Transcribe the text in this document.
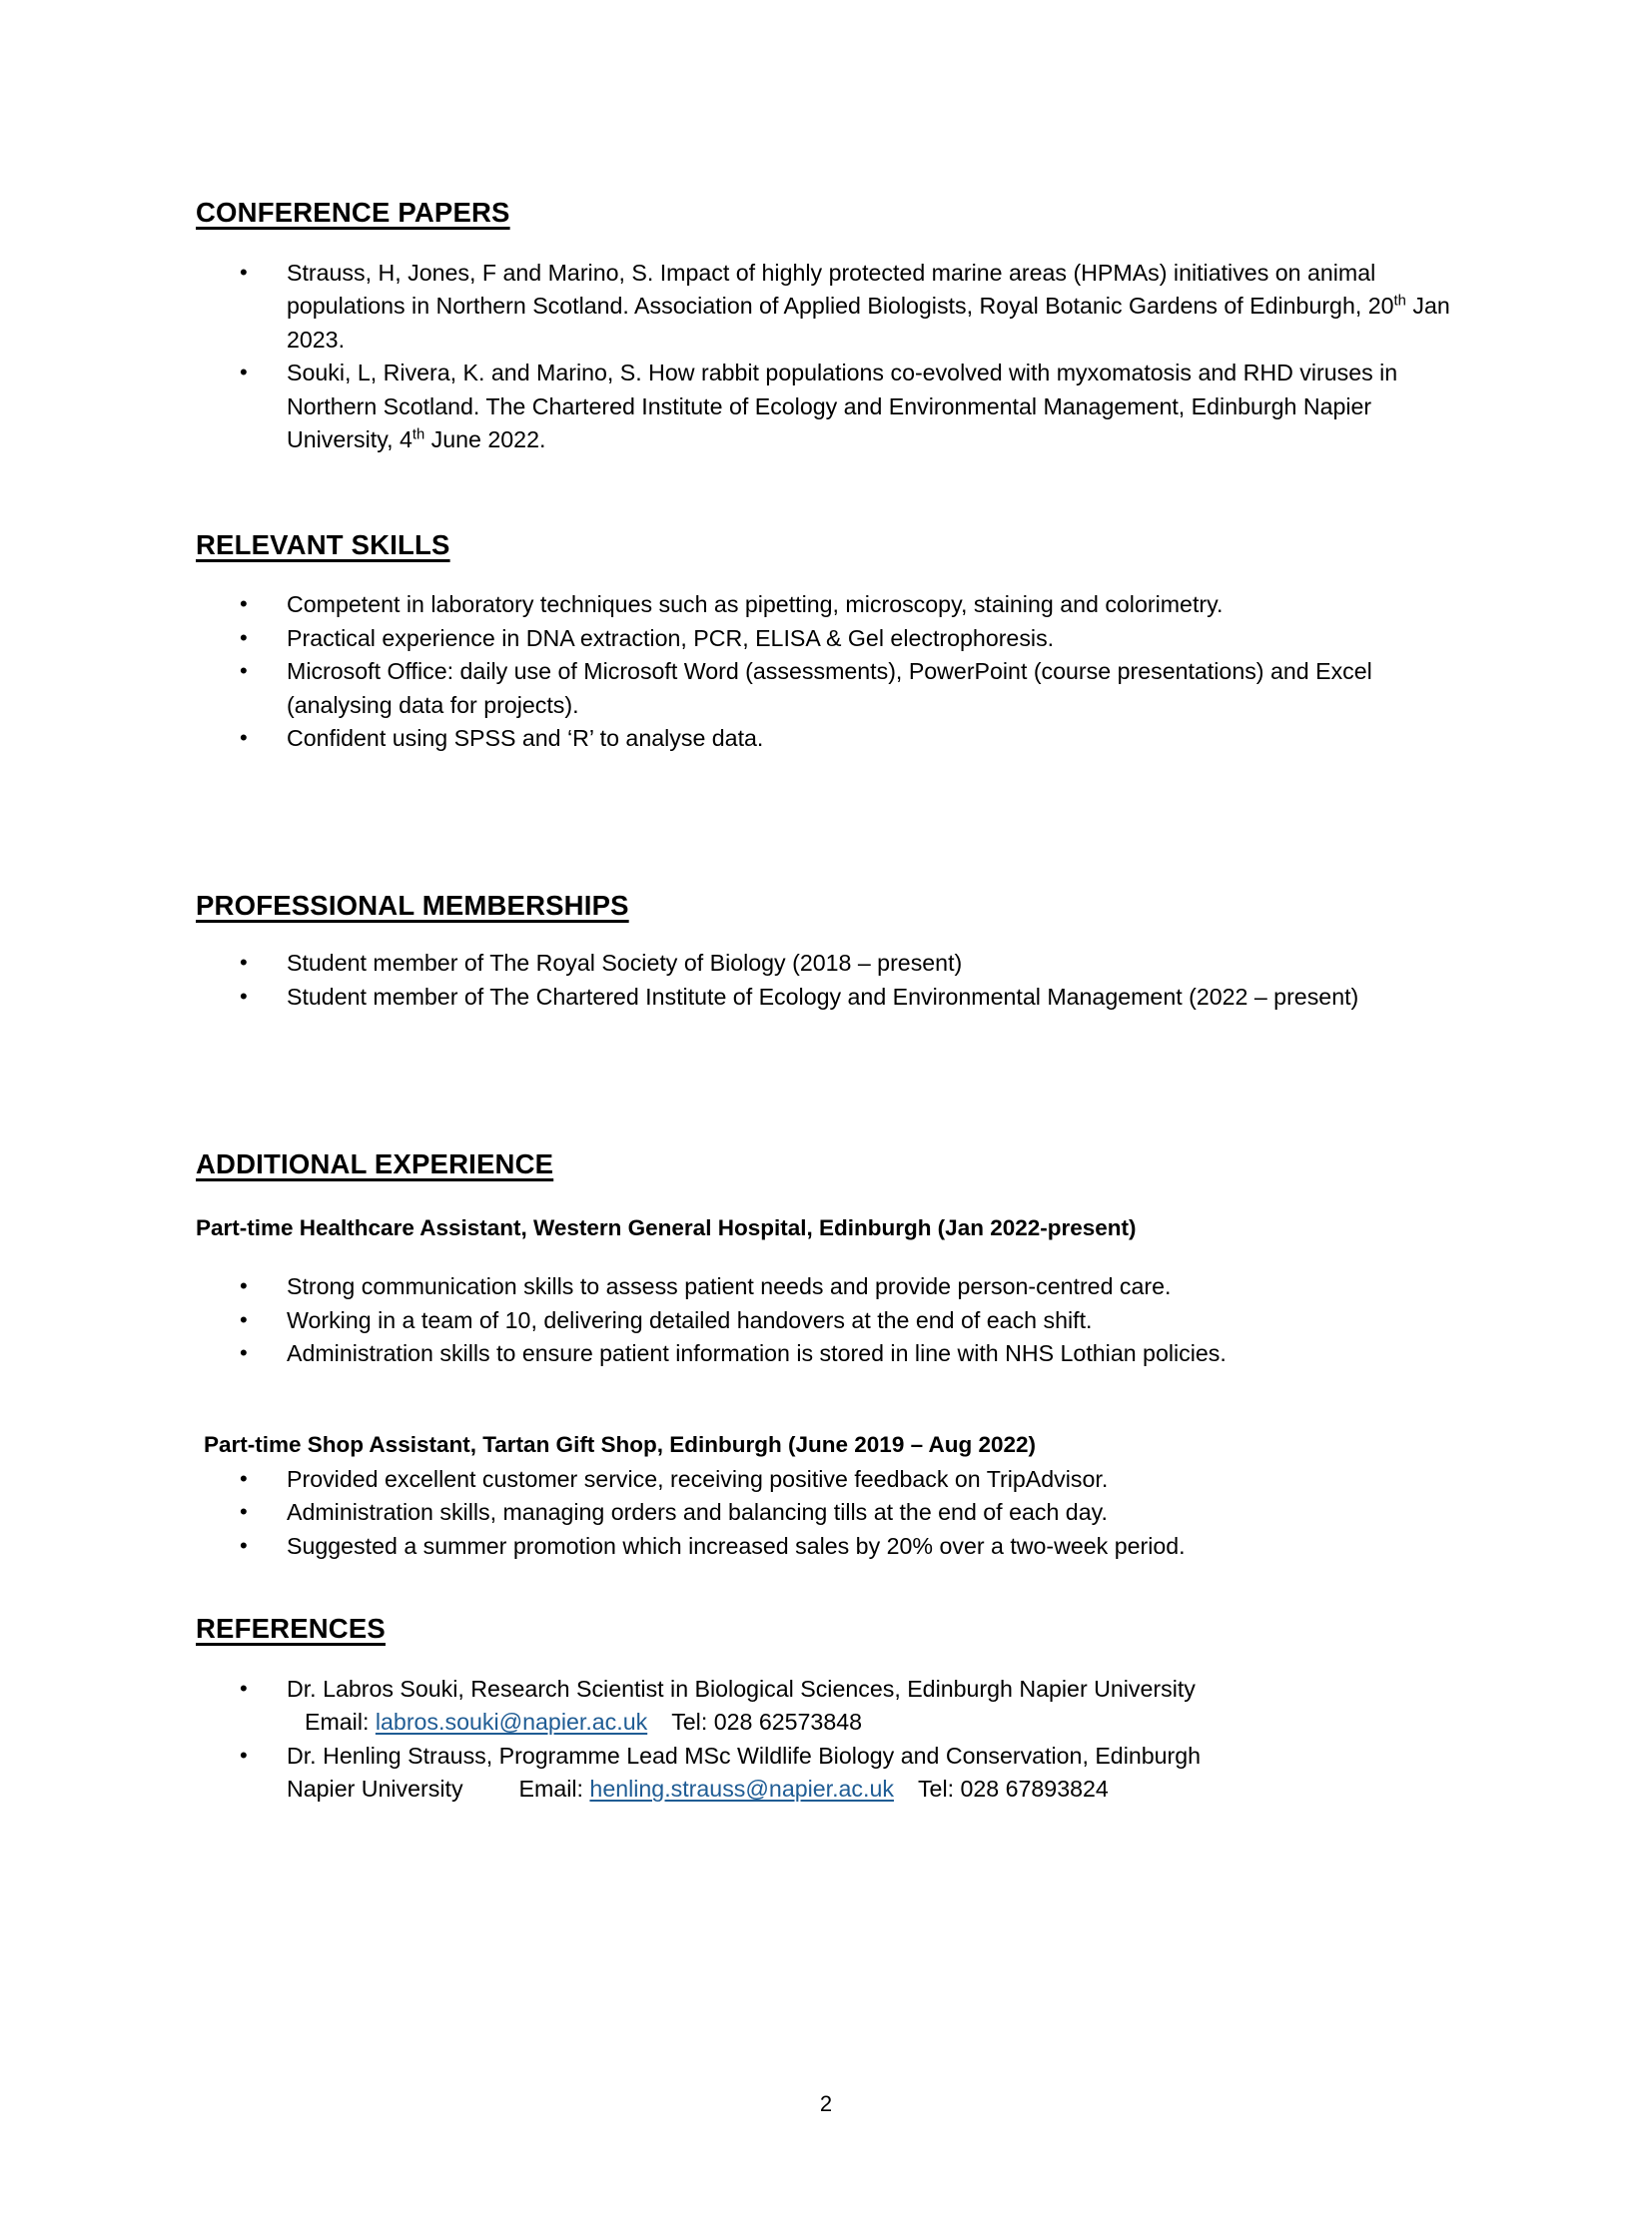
CONFERENCE PAPERS
• Strauss, H, Jones, F and Marino, S. Impact of highly protected marine areas (HPMAs) initiatives on animal populations in Northern Scotland. Association of Applied Biologists, Royal Botanic Gardens of Edinburgh, 20th Jan 2023.
• Souki, L, Rivera, K. and Marino, S. How rabbit populations co-evolved with myxomatosis and RHD viruses in Northern Scotland. The Chartered Institute of Ecology and Environmental Management, Edinburgh Napier University, 4th June 2022.
RELEVANT SKILLS
• Competent in laboratory techniques such as pipetting, microscopy, staining and colorimetry.
• Practical experience in DNA extraction, PCR, ELISA & Gel electrophoresis.
• Microsoft Office: daily use of Microsoft Word (assessments), PowerPoint (course presentations) and Excel (analysing data for projects).
• Confident using SPSS and ‘R’ to analyse data.
PROFESSIONAL MEMBERSHIPS
• Student member of The Royal Society of Biology (2018 – present)
• Student member of The Chartered Institute of Ecology and Environmental Management (2022 – present)
ADDITIONAL EXPERIENCE
Part-time Healthcare Assistant, Western General Hospital, Edinburgh (Jan 2022-present)
• Strong communication skills to assess patient needs and provide person-centred care.
• Working in a team of 10, delivering detailed handovers at the end of each shift.
• Administration skills to ensure patient information is stored in line with NHS Lothian policies.
Part-time Shop Assistant, Tartan Gift Shop, Edinburgh (June 2019 – Aug 2022)
• Provided excellent customer service, receiving positive feedback on TripAdvisor.
• Administration skills, managing orders and balancing tills at the end of each day.
• Suggested a summer promotion which increased sales by 20% over a two-week period.
REFERENCES
• Dr. Labros Souki, Research Scientist in Biological Sciences, Edinburgh Napier University
Email: labros.souki@napier.ac.uk Tel: 028 62573848
• Dr. Henling Strauss, Programme Lead MSc Wildlife Biology and Conservation, Edinburgh
Napier University Email: henling.strauss@napier.ac.uk Tel: 028 67893824
2
